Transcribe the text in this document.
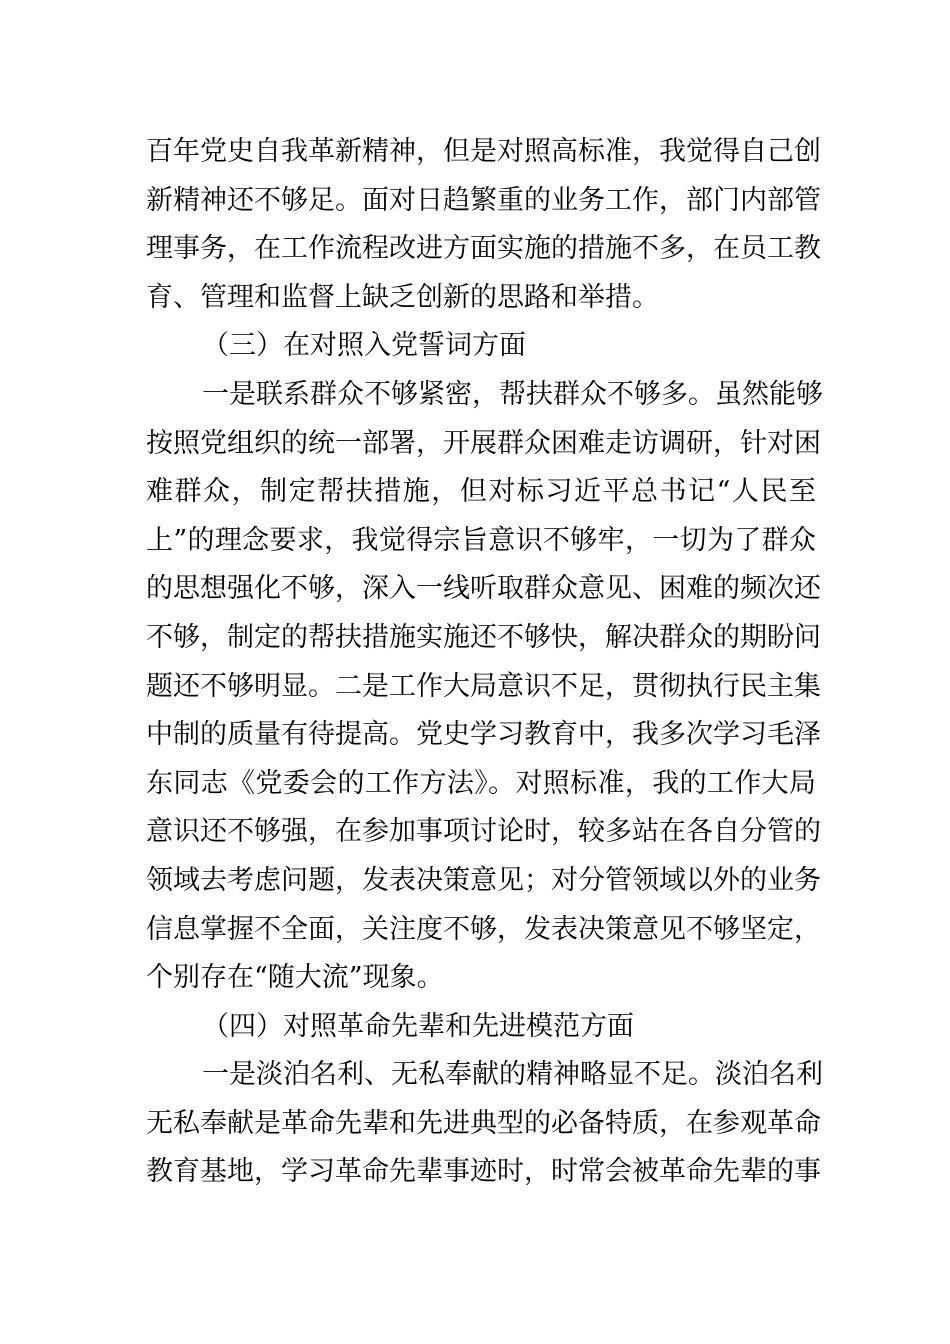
百年党史自我革新精神，但是对照高标准，我觉得自己创
新精神还不够足。面对日趋繁重的业务工作，部门内部管
理事务，在工作流程改进方面实施的措施不多，在员工教
育、管理和监督上缺乏创新的思路和举措。
（三）在对照入党誓词方面
一是联系群众不够紧密，帮扶群众不够多。虽然能够
按照党组织的统一部署，开展群众困难走访调研，针对困
难群众，制定帮扶措施，但对标习近平总书记“人民至
上”的理念要求，我觉得宗旨意识不够牢，一切为了群众
的思想强化不够，深入一线听取群众意见、困难的频次还
不够，制定的帮扶措施实施还不够快，解决群众的期盼问
题还不够明显。二是工作大局意识不足，贯彻执行民主集
中制的质量有待提高。党史学习教育中，我多次学习毛泽
东同志《党委会的工作方法》。对照标准，我的工作大局
意识还不够强，在参加事项讨论时，较多站在各自分管的
领域去考虑问题，发表决策意见；对分管领域以外的业务
信息掌握不全面，关注度不够，发表决策意见不够坚定，
个别存在“随大流”现象。
（四）对照革命先辈和先进模范方面
一是淡泊名利、无私奉献的精神略显不足。淡泊名利
无私奉献是革命先辈和先进典型的必备特质，在参观革命
教育基地，学习革命先辈事迹时，时常会被革命先辈的事
